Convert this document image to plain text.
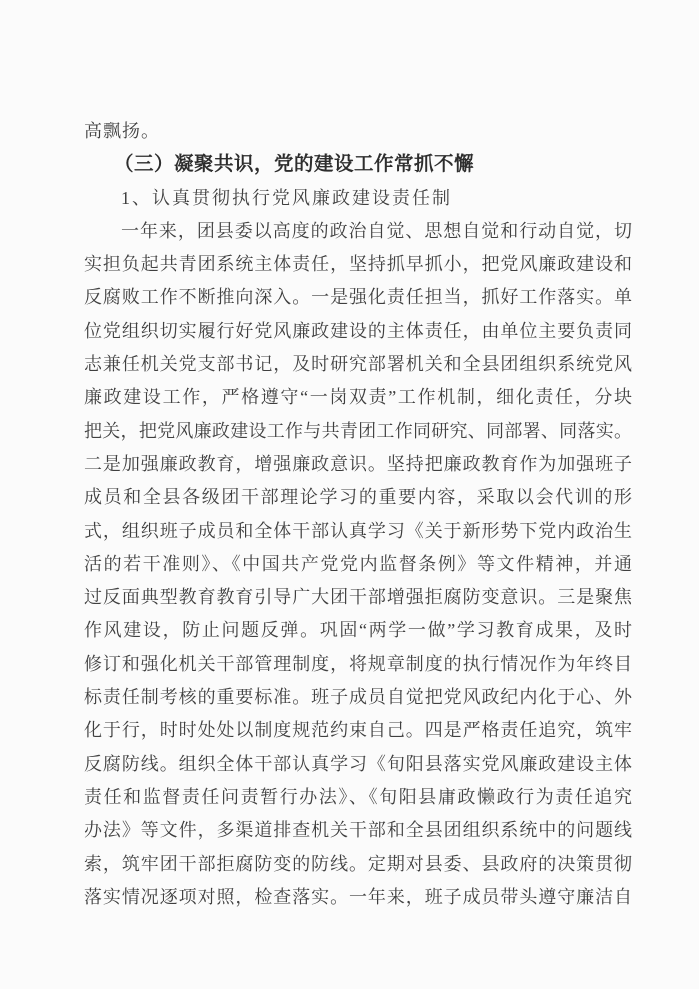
高飘扬。
（三）凝聚共识，党的建设工作常抓不懈
1、认真贯彻执行党风廉政建设责任制
一年来，团县委以高度的政治自觉、思想自觉和行动自觉，切
实担负起共青团系统主体责任，坚持抓早抓小，把党风廉政建设和
反腐败工作不断推向深入。一是强化责任担当，抓好工作落实。单
位党组织切实履行好党风廉政建设的主体责任，由单位主要负责同
志兼任机关党支部书记，及时研究部署机关和全县团组织系统党风
廉政建设工作，严格遵守“一岗双责”工作机制，细化责任，分块
把关，把党风廉政建设工作与共青团工作同研究、同部署、同落实。
二是加强廉政教育，增强廉政意识。坚持把廉政教育作为加强班子
成员和全县各级团干部理论学习的重要内容，采取以会代训的形
式，组织班子成员和全体干部认真学习《关于新形势下党内政治生
活的若干准则》、《中国共产党党内监督条例》等文件精神，并通
过反面典型教育教育引导广大团干部增强拒腐防变意识。三是聚焦
作风建设，防止问题反弹。巩固“两学一做”学习教育成果，及时
修订和强化机关干部管理制度，将规章制度的执行情况作为年终目
标责任制考核的重要标准。班子成员自觉把党风政纪内化于心、外
化于行，时时处处以制度规范约束自己。四是严格责任追究，筑牢
反腐防线。组织全体干部认真学习《旬阳县落实党风廉政建设主体
责任和监督责任问责暂行办法》、《旬阳县庸政懒政行为责任追究
办法》等文件，多渠道排查机关干部和全县团组织系统中的问题线
索，筑牢团干部拒腐防变的防线。定期对县委、县政府的决策贯彻
落实情况逐项对照，检查落实。一年来，班子成员带头遵守廉洁自
